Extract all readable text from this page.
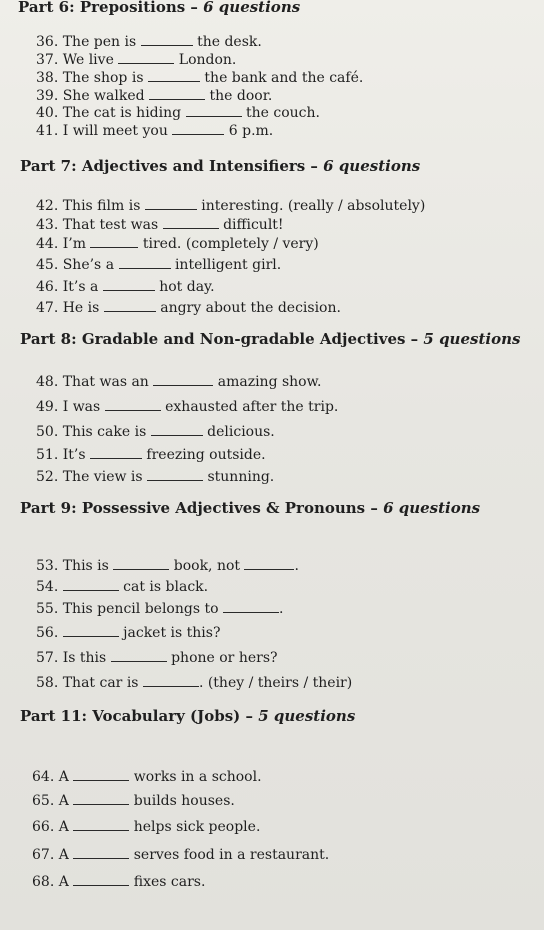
Part 6: Prepositions – 6 questions
36. The pen is	the desk.
37. We live	London.
38. The shop is	the bank and the café.
39. She walked	the door.
40. The cat is hiding	the couch.
41. I will meet you	6 p.m.
Part 7: Adjectives and Intensifiers – 6 questions
42. This film is	interesting. (really / absolutely)
43. That test was	difficult!
44. I’m	tired. (completely / very)
45. She’s a	intelligent girl.
46. It’s a	hot day.
47. He is	angry about the decision.
Part 8: Gradable and Non-gradable Adjectives – 5 questions
48. That was an	amazing show.
49. I was	exhausted after the trip.
50. This cake is	delicious.
51. It’s	freezing outside.
52. The view is	stunning.
Part 9: Possessive Adjectives & Pronouns – 6 questions
53. This is	book, not	.
54.	cat is black.
55. This pencil belongs to	.
56.	jacket is this?
57. Is this	phone or hers?
58. That car is	. (they / theirs / their)
Part 11: Vocabulary (Jobs) – 5 questions
64. A	works in a school.
65. A	builds houses.
66. A	helps sick people.
67. A	serves food in a restaurant.
68. A	fixes cars.
